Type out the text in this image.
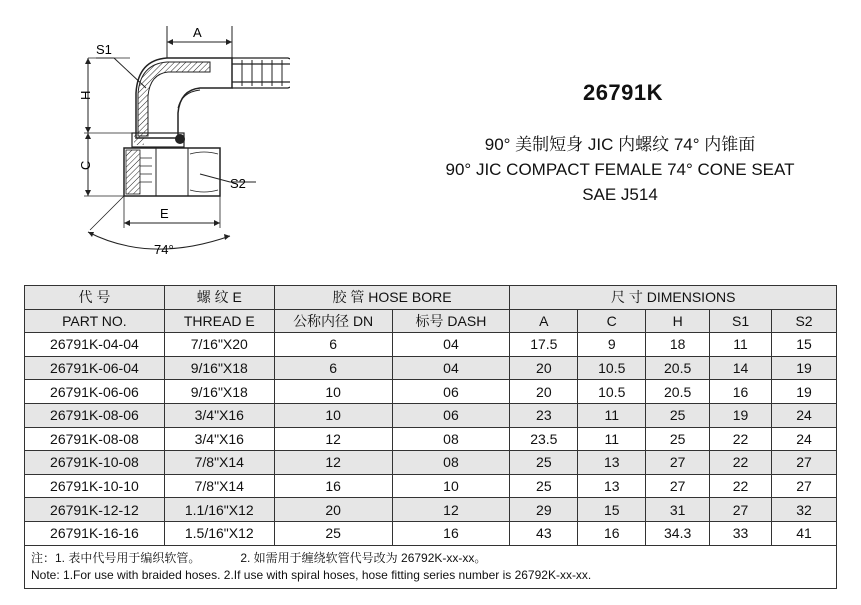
A
S1
H
C
S2
E
74°
26791K
90° 美制短身 JIC 内螺纹 74° 内锥面
90° JIC COMPACT FEMALE 74° CONE SEAT
SAE J514
代 号	螺 纹 E	胶 管 HOSE BORE		尺 寸 DIMENSIONS				
PART NO.	THREAD E	公称内径 DN	标号 DASH	A	C	H	S1	S2
26791K-04-04	7/16"X20	6	04	17.5	9	18	11	15
26791K-06-04	9/16"X18	6	04	20	10.5	20.5	14	19
26791K-06-06	9/16"X18	10	06	20	10.5	20.5	16	19
26791K-08-06	3/4"X16	10	06	23	11	25	19	24
26791K-08-08	3/4"X16	12	08	23.5	11	25	22	24
26791K-10-08	7/8"X14	12	08	25	13	27	22	27
26791K-10-10	7/8"X14	16	10	25	13	27	22	27
26791K-12-12	1.1/16"X12	20	12	29	15	31	27	32
26791K-16-16	1.5/16"X12	25	16	43	16	34.3	33	41

注：1. 表中代号用于编织软管。 2. 如需用于缠绕软管代号改为 26792K-xx-xx。
Note: 1.For use with braided hoses. 2.If use with spiral hoses, hose fitting series number is 26792K-xx-xx.								
